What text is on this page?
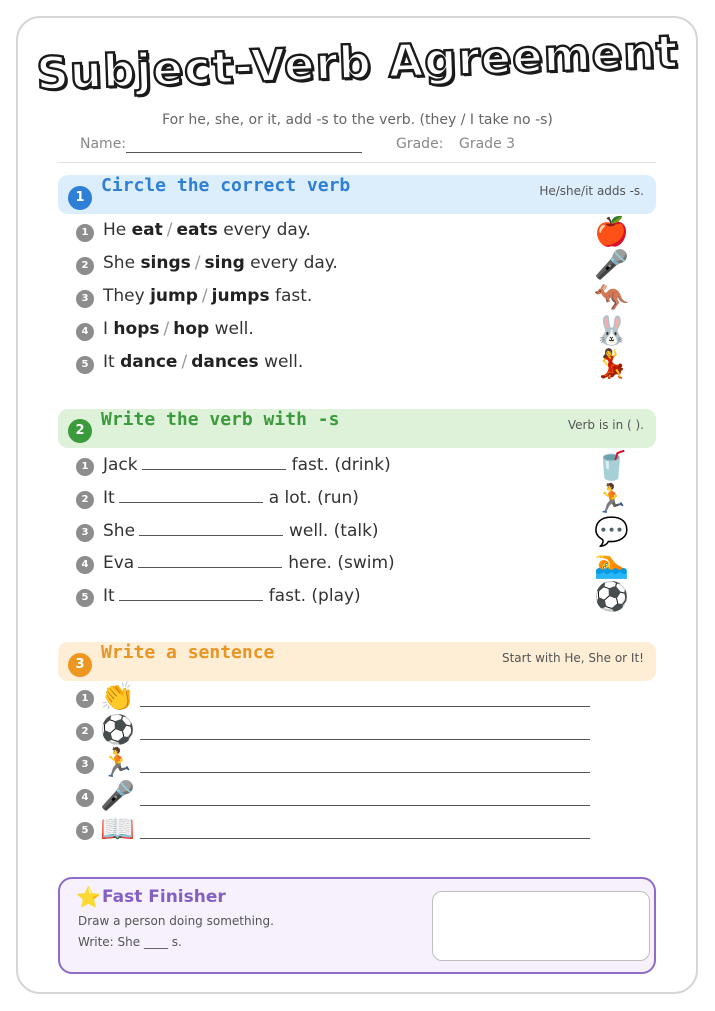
Subject-Verb Agreement
For he, she, or it, add -s to the verb. (they / I take no -s)
Name:	Grade: Grade 3
1
Circle the correct verb	He/she/it adds -s.
1 He eat / eats every day.
2 She sings / sing every day.
3 They jump / jumps fast.
4 I hops / hop well.
5 It dance / dances well.
🍎
🎤
🦘
🐰
💃
2
Write the verb with -s	Verb is in ( ).
1 Jack	fast. (drink)
2 It	a lot. (run)
3 She	well. (talk)
4 Eva	here. (swim)
5 It	fast. (play)
🥤
🏃
💬
🏊
⚽
3
Write a sentence	Start with He, She or It!
1 👏
2 ⚽
3 🏃
4 🎤
5 📖
⭐ Fast Finisher
Draw a person doing something.
Write: She ____ s.
